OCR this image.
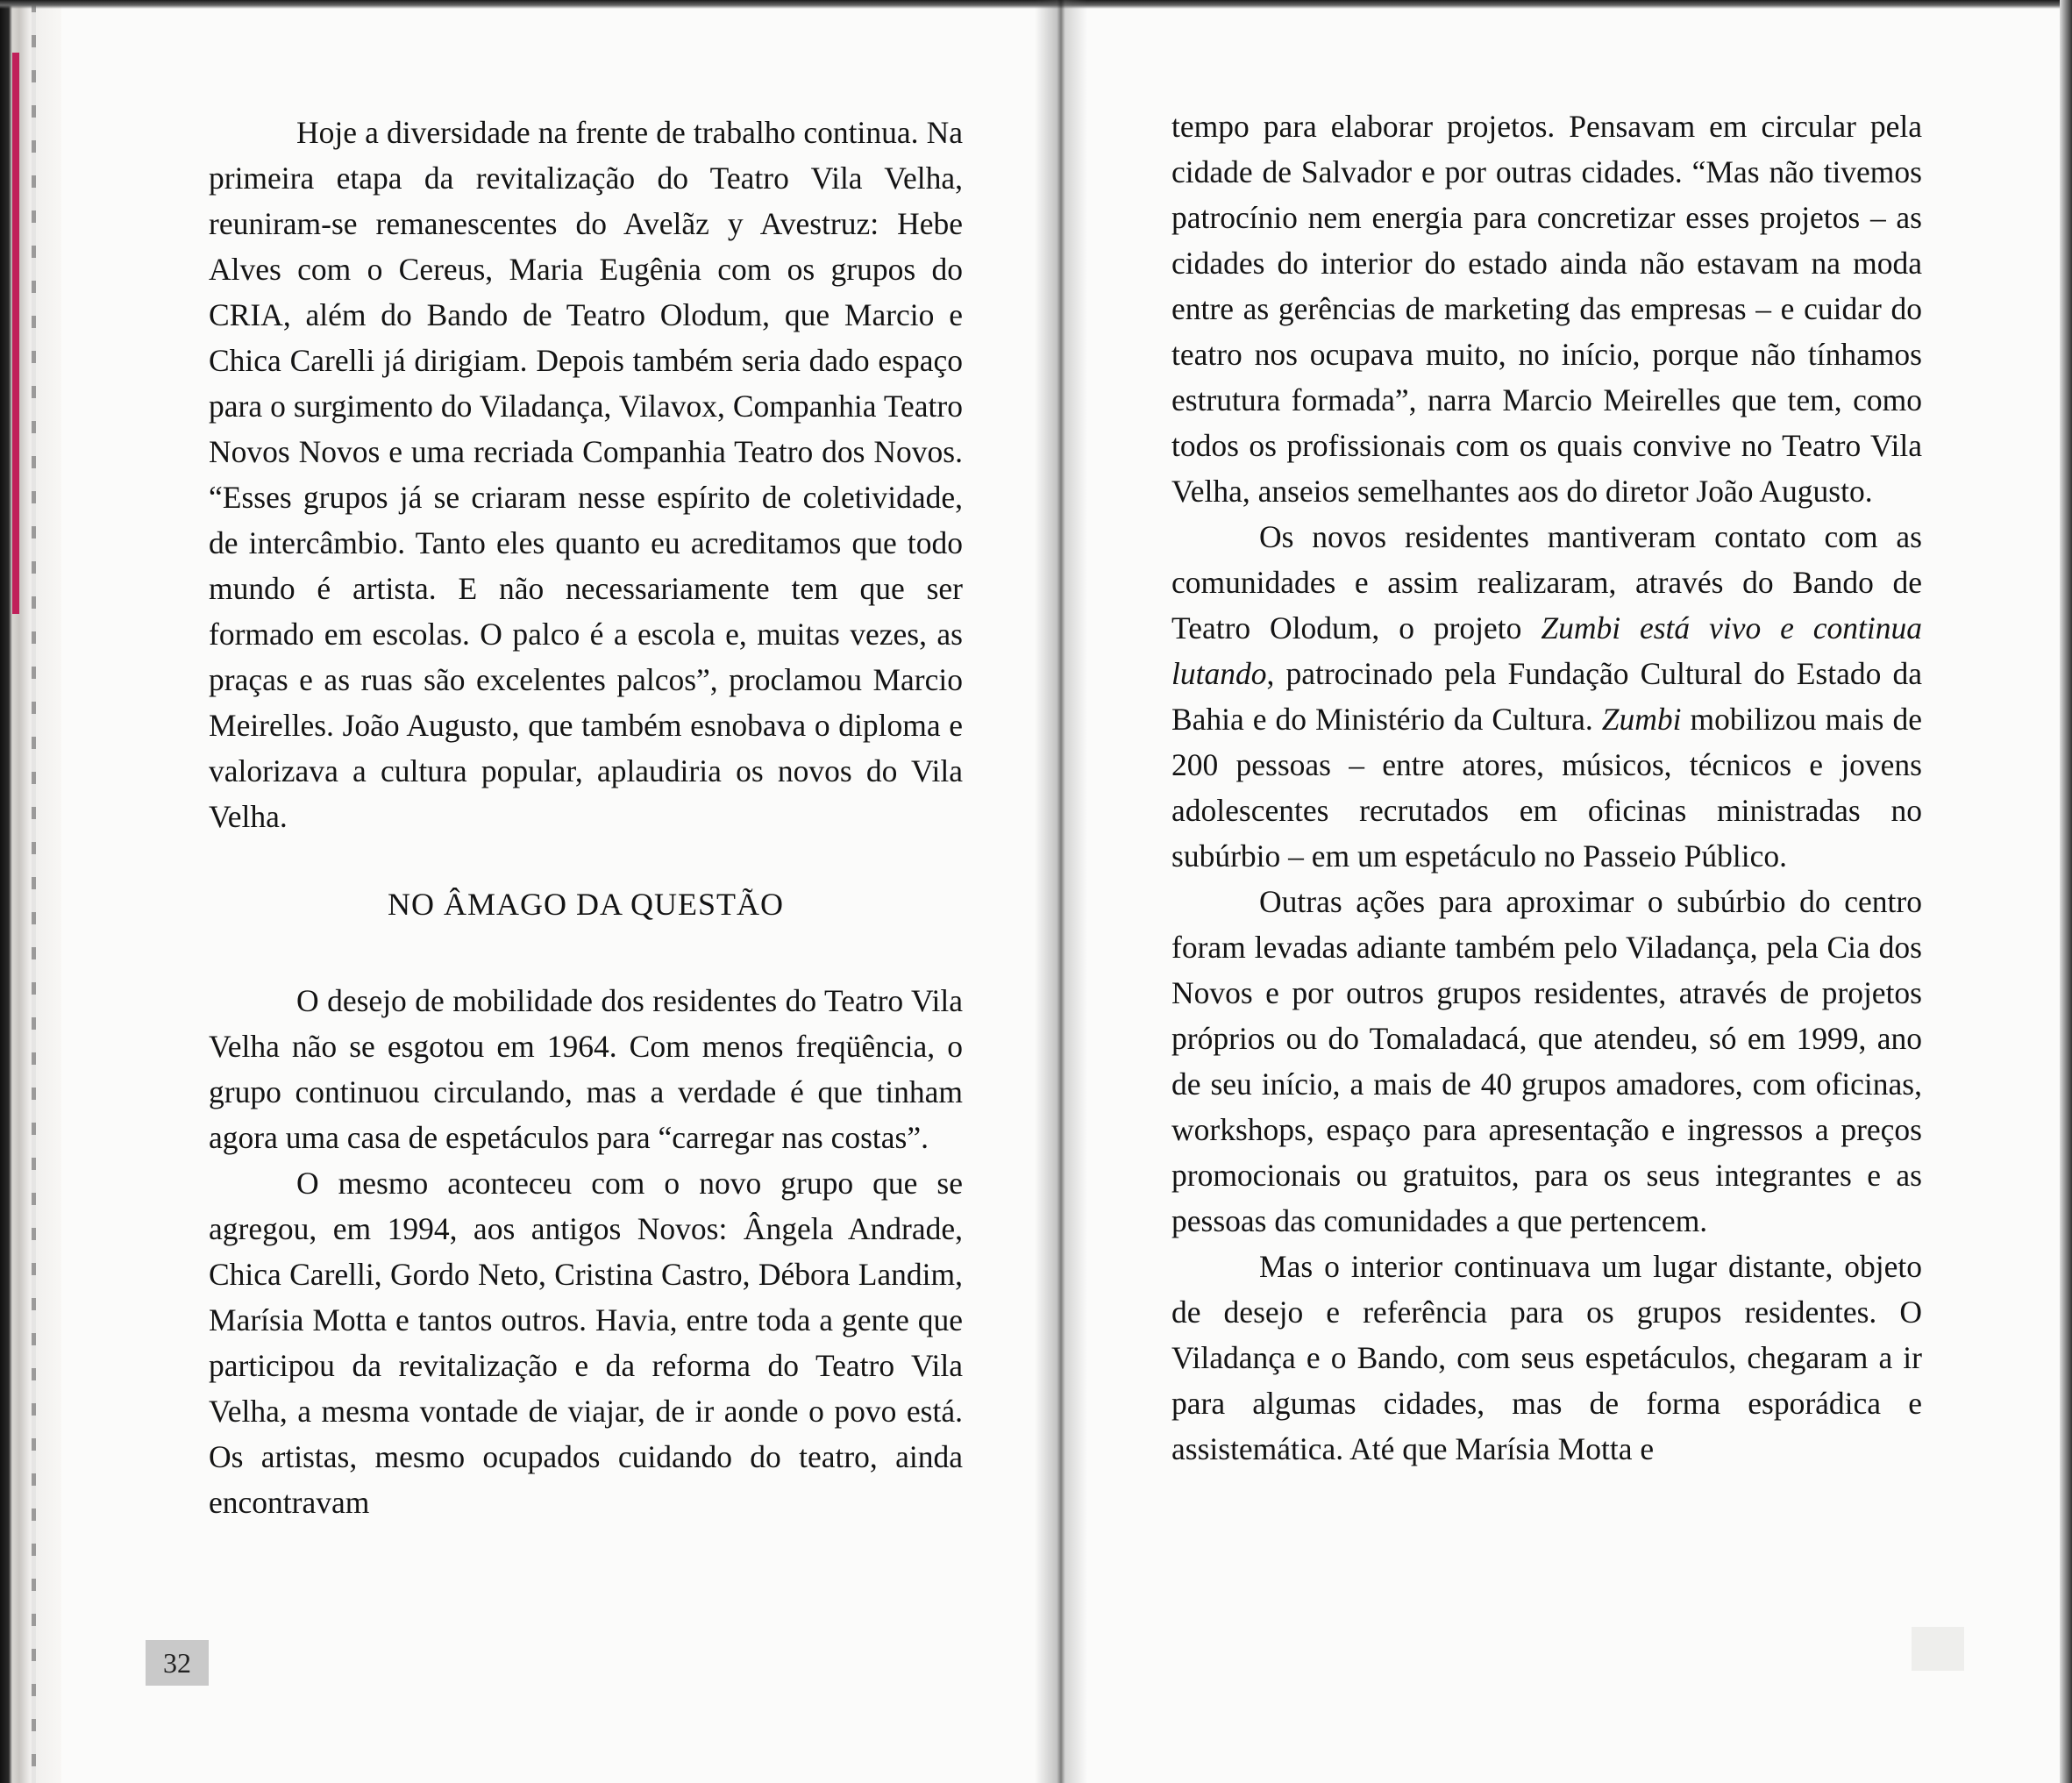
Hoje a diversidade na frente de trabalho continua. Na primeira etapa da revitalização do Teatro Vila Velha, reuniram-se remanescentes do Avelãz y Avestruz: Hebe Alves com o Cereus, Maria Eugênia com os grupos do CRIA, além do Bando de Teatro Olodum, que Marcio e Chica Carelli já dirigiam. Depois também seria dado espaço para o surgimento do Viladança, Vilavox, Companhia Teatro Novos Novos e uma recriada Companhia Teatro dos Novos. “Esses grupos já se criaram nesse espírito de coletividade, de intercâmbio. Tanto eles quanto eu acreditamos que todo mundo é artista. E não necessariamente tem que ser formado em escolas. O palco é a escola e, muitas vezes, as praças e as ruas são excelentes palcos”, proclamou Marcio Meirelles. João Augusto, que também esnobava o diploma e valorizava a cultura popular, aplaudiria os novos do Vila Velha.

NO ÂMAGO DA QUESTÃO

O desejo de mobilidade dos residentes do Teatro Vila Velha não se esgotou em 1964. Com menos freqüência, o grupo continuou circulando, mas a verdade é que tinham agora uma casa de espetáculos para “carregar nas costas”.

O mesmo aconteceu com o novo grupo que se agregou, em 1994, aos antigos Novos: Ângela Andrade, Chica Carelli, Gordo Neto, Cristina Castro, Débora Landim, Marísia Motta e tantos outros. Havia, entre toda a gente que participou da revitalização e da reforma do Teatro Vila Velha, a mesma vontade de viajar, de ir aonde o povo está. Os artistas, mesmo ocupados cuidando do teatro, ainda encontravam

32

tempo para elaborar projetos. Pensavam em circular pela cidade de Salvador e por outras cidades. “Mas não tivemos patrocínio nem energia para concretizar esses projetos – as cidades do interior do estado ainda não estavam na moda entre as gerências de marketing das empresas – e cuidar do teatro nos ocupava muito, no início, porque não tínhamos estrutura formada”, narra Marcio Meirelles que tem, como todos os profissionais com os quais convive no Teatro Vila Velha, anseios semelhantes aos do diretor João Augusto.

Os novos residentes mantiveram contato com as comunidades e assim realizaram, através do Bando de Teatro Olodum, o projeto Zumbi está vivo e continua lutando, patrocinado pela Fundação Cultural do Estado da Bahia e do Ministério da Cultura. Zumbi mobilizou mais de 200 pessoas – entre atores, músicos, técnicos e jovens adolescentes recrutados em oficinas ministradas no subúrbio – em um espetáculo no Passeio Público.

Outras ações para aproximar o subúrbio do centro foram levadas adiante também pelo Viladança, pela Cia dos Novos e por outros grupos residentes, através de projetos próprios ou do Tomaladacá, que atendeu, só em 1999, ano de seu início, a mais de 40 grupos amadores, com oficinas, workshops, espaço para apresentação e ingressos a preços promocionais ou gratuitos, para os seus integrantes e as pessoas das comunidades a que pertencem.

Mas o interior continuava um lugar distante, objeto de desejo e referência para os grupos residentes. O Viladança e o Bando, com seus espetáculos, chegaram a ir para algumas cidades, mas de forma esporádica e assistemática. Até que Marísia Motta e
